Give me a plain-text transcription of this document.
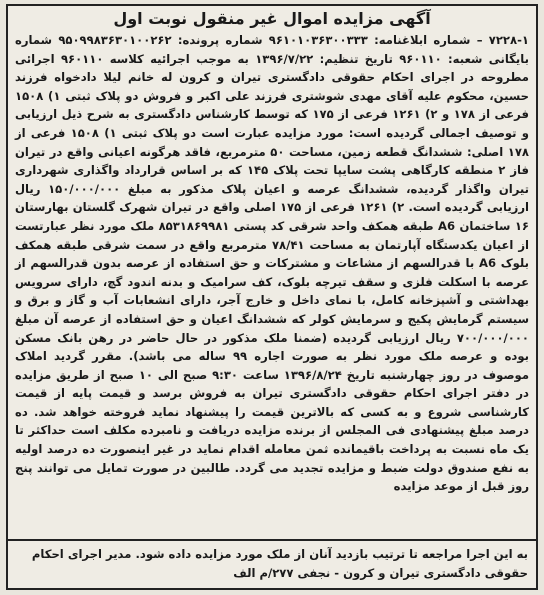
آگهی مزایده اموال غیر منقول نوبت اول

۷۲۲۸-۱ – شماره ابلاغنامه: ۹۶۱۰۱۰۳۶۳۰۰۳۳۳ شماره پرونده: ۹۵۰۹۹۸۳۶۳۰۱۰۰۲۶۲ شماره بایگانی شعبه: ۹۶۰۱۱۰ تاریخ تنظیم: ۱۳۹۶/۷/۲۲ به موجب اجرائیه کلاسه ۹۶۰۱۱۰ اجرائی مطروحه در اجرای احکام حقوقی دادگستری تیران و کرون له خانم لیلا دادخواه فرزند حسین، محکوم علیه آقای مهدی شوشتری فرزند علی اکبر و فروش دو پلاک ثبتی ۱) ۱۵۰۸ فرعی از ۱۷۸ و ۲) ۱۲۶۱ فرعی از ۱۷۵ که توسط کارشناس دادگستری به شرح ذیل ارزیابی و توصیف اجمالی گردیده است: مورد مزایده عبارت است دو پلاک ثبتی ۱) ۱۵۰۸ فرعی از ۱۷۸ اصلی: ششدانگ قطعه زمین، مساحت ۵۰ مترمربع، فاقد هرگونه اعیانی واقع در تیران فاز ۲ منطقه کارگاهی پشت سایپا تحت پلاک ۱۴۵ که بر اساس قرارداد واگذاری شهرداری تیران واگذار گردیده، ششدانگ عرصه و اعیان پلاک مذکور به مبلغ ۱۵۰/۰۰۰/۰۰۰ ریال ارزیابی گردیده است. ۲) ۱۲۶۱ فرعی از ۱۷۵ اصلی واقع در تیران شهرک گلستان بهارستان ۱۶ ساختمان A6 طبقه همکف واحد شرقی کد پستی ۸۵۳۱۸۶۹۹۸۱ ملک مورد نظر عبارتست از اعیان یکدستگاه آپارتمان به مساحت ۷۸/۴۱ مترمربع واقع در سمت شرقی طبقه همکف بلوک A6 با قدرالسهم از مشاعات و مشترکات و حق استفاده از عرصه بدون قدرالسهم از عرصه با اسکلت فلزی و سقف تیرچه بلوک، کف سرامیک و بدنه اندود گچ، دارای سرویس بهداشتی و آشپزخانه کامل، با نمای داخل و خارج آجر، دارای انشعابات آب و گاز و برق و سیستم گرمایش پکیج و سرمایش کولر که ششدانگ اعیان و حق استفاده از عرصه آن مبلغ ۷۰۰/۰۰۰/۰۰۰ ریال ارزیابی گردیده (ضمنا ملک مذکور در حال حاضر در رهن بانک مسکن بوده و عرصه ملک مورد نظر به صورت اجاره ۹۹ ساله می باشد). مقرر گردید املاک موصوف در روز چهارشنبه تاریخ ۱۳۹۶/۸/۲۴ ساعت ۹:۳۰ صبح الی ۱۰ صبح از طریق مزایده در دفتر اجرای احکام حقوقی دادگستری تیران به فروش برسد و قیمت پایه از قیمت کارشناسی شروع و به کسی که بالاترین قیمت را پیشنهاد نماید فروخته خواهد شد. ده درصد مبلغ پیشنهادی فی المجلس از برنده مزایده دریافت و نامبرده مکلف است حداکثر تا یک ماه نسبت به پرداخت باقیمانده ثمن معامله اقدام نماید در غیر اینصورت ده درصد اولیه به نفع صندوق دولت ضبط و مزایده تجدید می گردد. طالبین در صورت تمایل می توانند پنج روز قبل از موعد مزایده

به این اجرا مراجعه تا ترتیب بازدید آنان از ملک مورد مزایده داده شود. مدیر اجرای احکام حقوقی دادگستری تیران و کرون - نجفی ۲۷۷/م الف
